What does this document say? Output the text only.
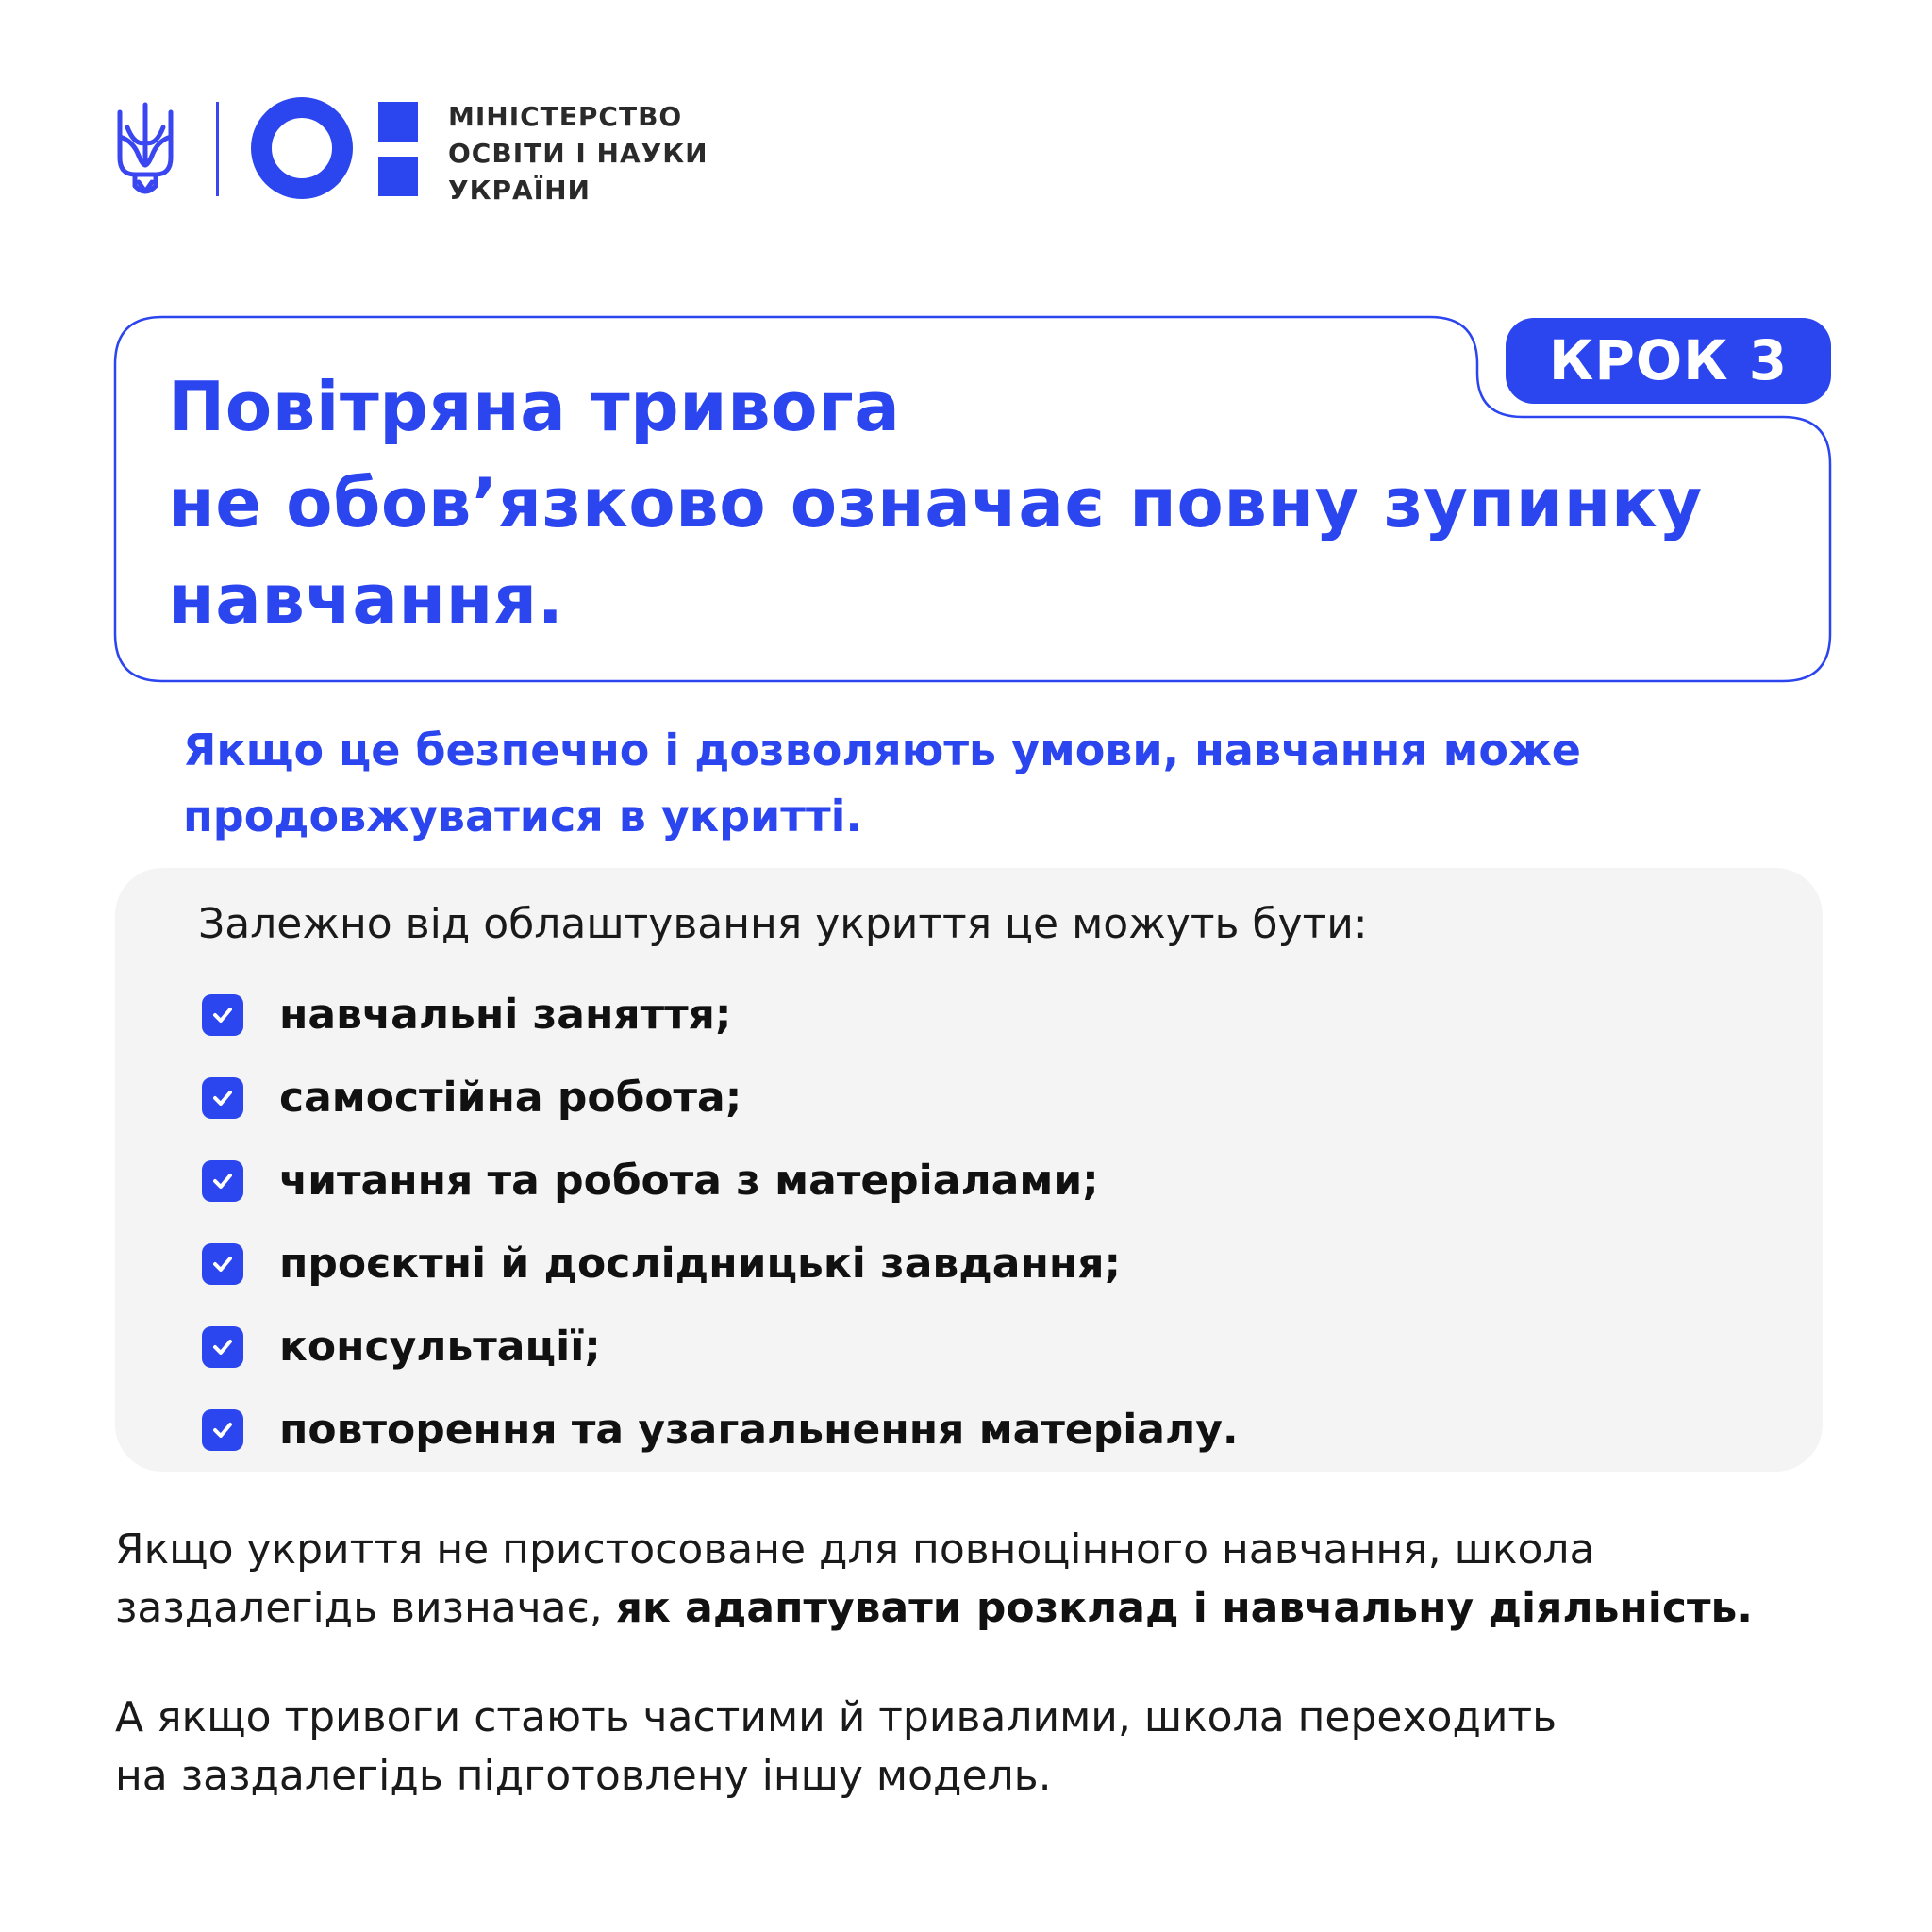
МІНІСТЕРСТВО
ОСВІТИ І НАУКИ
УКРАЇНИ
КРОК 3
Повітряна тривога
не обов’язково означає повну зупинку
навчання.

Якщо це безпечно і дозволяють умови, навчання може
продовжуватися в укритті.

Залежно від облаштування укриття це можуть бути:

навчальні заняття;
самостійна робота;
читання та робота з матеріалами;
проєктні й дослідницькі завдання;
консультації;
повторення та узагальнення матеріалу.

Якщо укриття не пристосоване для повноцінного навчання, школа
заздалегідь визначає, як адаптувати розклад і навчальну діяльність.

А якщо тривоги стають частими й тривалими, школа переходить
на заздалегідь підготовлену іншу модель.
